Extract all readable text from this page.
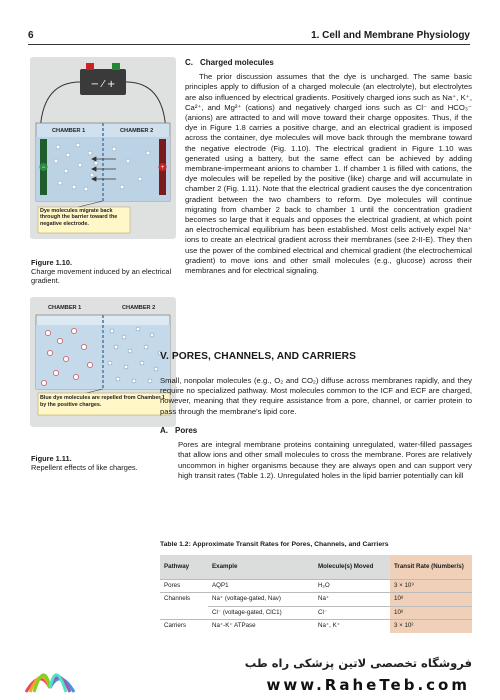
6	1. Cell and Membrane Physiology
− ⁄ +
CHAMBER 1	CHAMBER 2
−	+
Dye molecules migrate back through the barrier toward the negative electrode.
Figure 1.10.
Charge movement induced by an electrical gradient.
CHAMBER 1	CHAMBER 2
Blue dye molecules are repelled from Chamber 1 by the positive charges.
Figure 1.11.
Repellent effects of like charges.
C. Charged molecules

The prior discussion assumes that the dye is uncharged. The same basic principles apply to diffusion of a charged molecule (an electrolyte), but electrolytes are also influenced by electrical gradients. Positively charged ions such as Na⁺, K⁺, Ca²⁺, and Mg²⁺ (cations) and negatively charged ions such as Cl⁻ and HCO₃⁻ (anions) are attracted to and will move toward their charge opposites. Thus, if the dye in Figure 1.8 carries a positive charge, and an electrical gradient is imposed across the container, dye molecules will move back through the membrane toward the negative electrode (Fig. 1.10). The electrical gradient in Figure 1.10 was generated using a battery, but the same effect can be achieved by adding membrane-impermeant anions to chamber 1. If chamber 1 is filled with cations, the dye molecules will be repelled by the positive (like) charge and will accumulate in chamber 2 (Fig. 1.11). Note that the electrical gradient causes the dye concentration gradient between the two chambers to reform. Dye molecules will continue migrating from chamber 2 back to chamber 1 until the concentration gradient becomes so large that it equals and opposes the electrical gradient, at which point an electrochemical equilibrium has been established. Most cells actively expel Na⁺ ions to create an electrical gradient across their membranes (see 2-II-E). They then use the power of the combined electrical and chemical gradient (the electrochemical gradient) to move ions and other small molecules (e.g., glucose) across their membranes and for electrical signaling.

V. PORES, CHANNELS, AND CARRIERS

Small, nonpolar molecules (e.g., O₂ and CO₂) diffuse across membranes rapidly, and they require no specialized pathway. Most molecules common to the ICF and ECF are charged, however, meaning that they require assistance from a pore, channel, or carrier protein to pass through the membrane's lipid core.

A. Pores

Pores are integral membrane proteins containing unregulated, water-filled passages that allow ions and other small molecules to cross the membrane. Pores are relatively uncommon in higher organisms because they are always open and can support very high transit rates (Table 1.2). Unregulated holes in the lipid barrier potentially can kill

Table 1.2: Approximate Transit Rates for Pores, Channels, and Carriers
Pathway	Example	Molecule(s) Moved	Transit Rate (Number/s)
Pores	AQP1	H₂O	3 × 10⁹
Channels	Na⁺ (voltage-gated, Nav)	Na⁺	10⁸
	Cl⁻ (voltage-gated, ClC1)	Cl⁻	10⁶
Carriers	Na⁺-K⁺ ATPase	Na⁺, K⁺	3 × 10²
فروشگاه تخصصی لاتین پزشکی راه طب
www.RaheTeb.com
